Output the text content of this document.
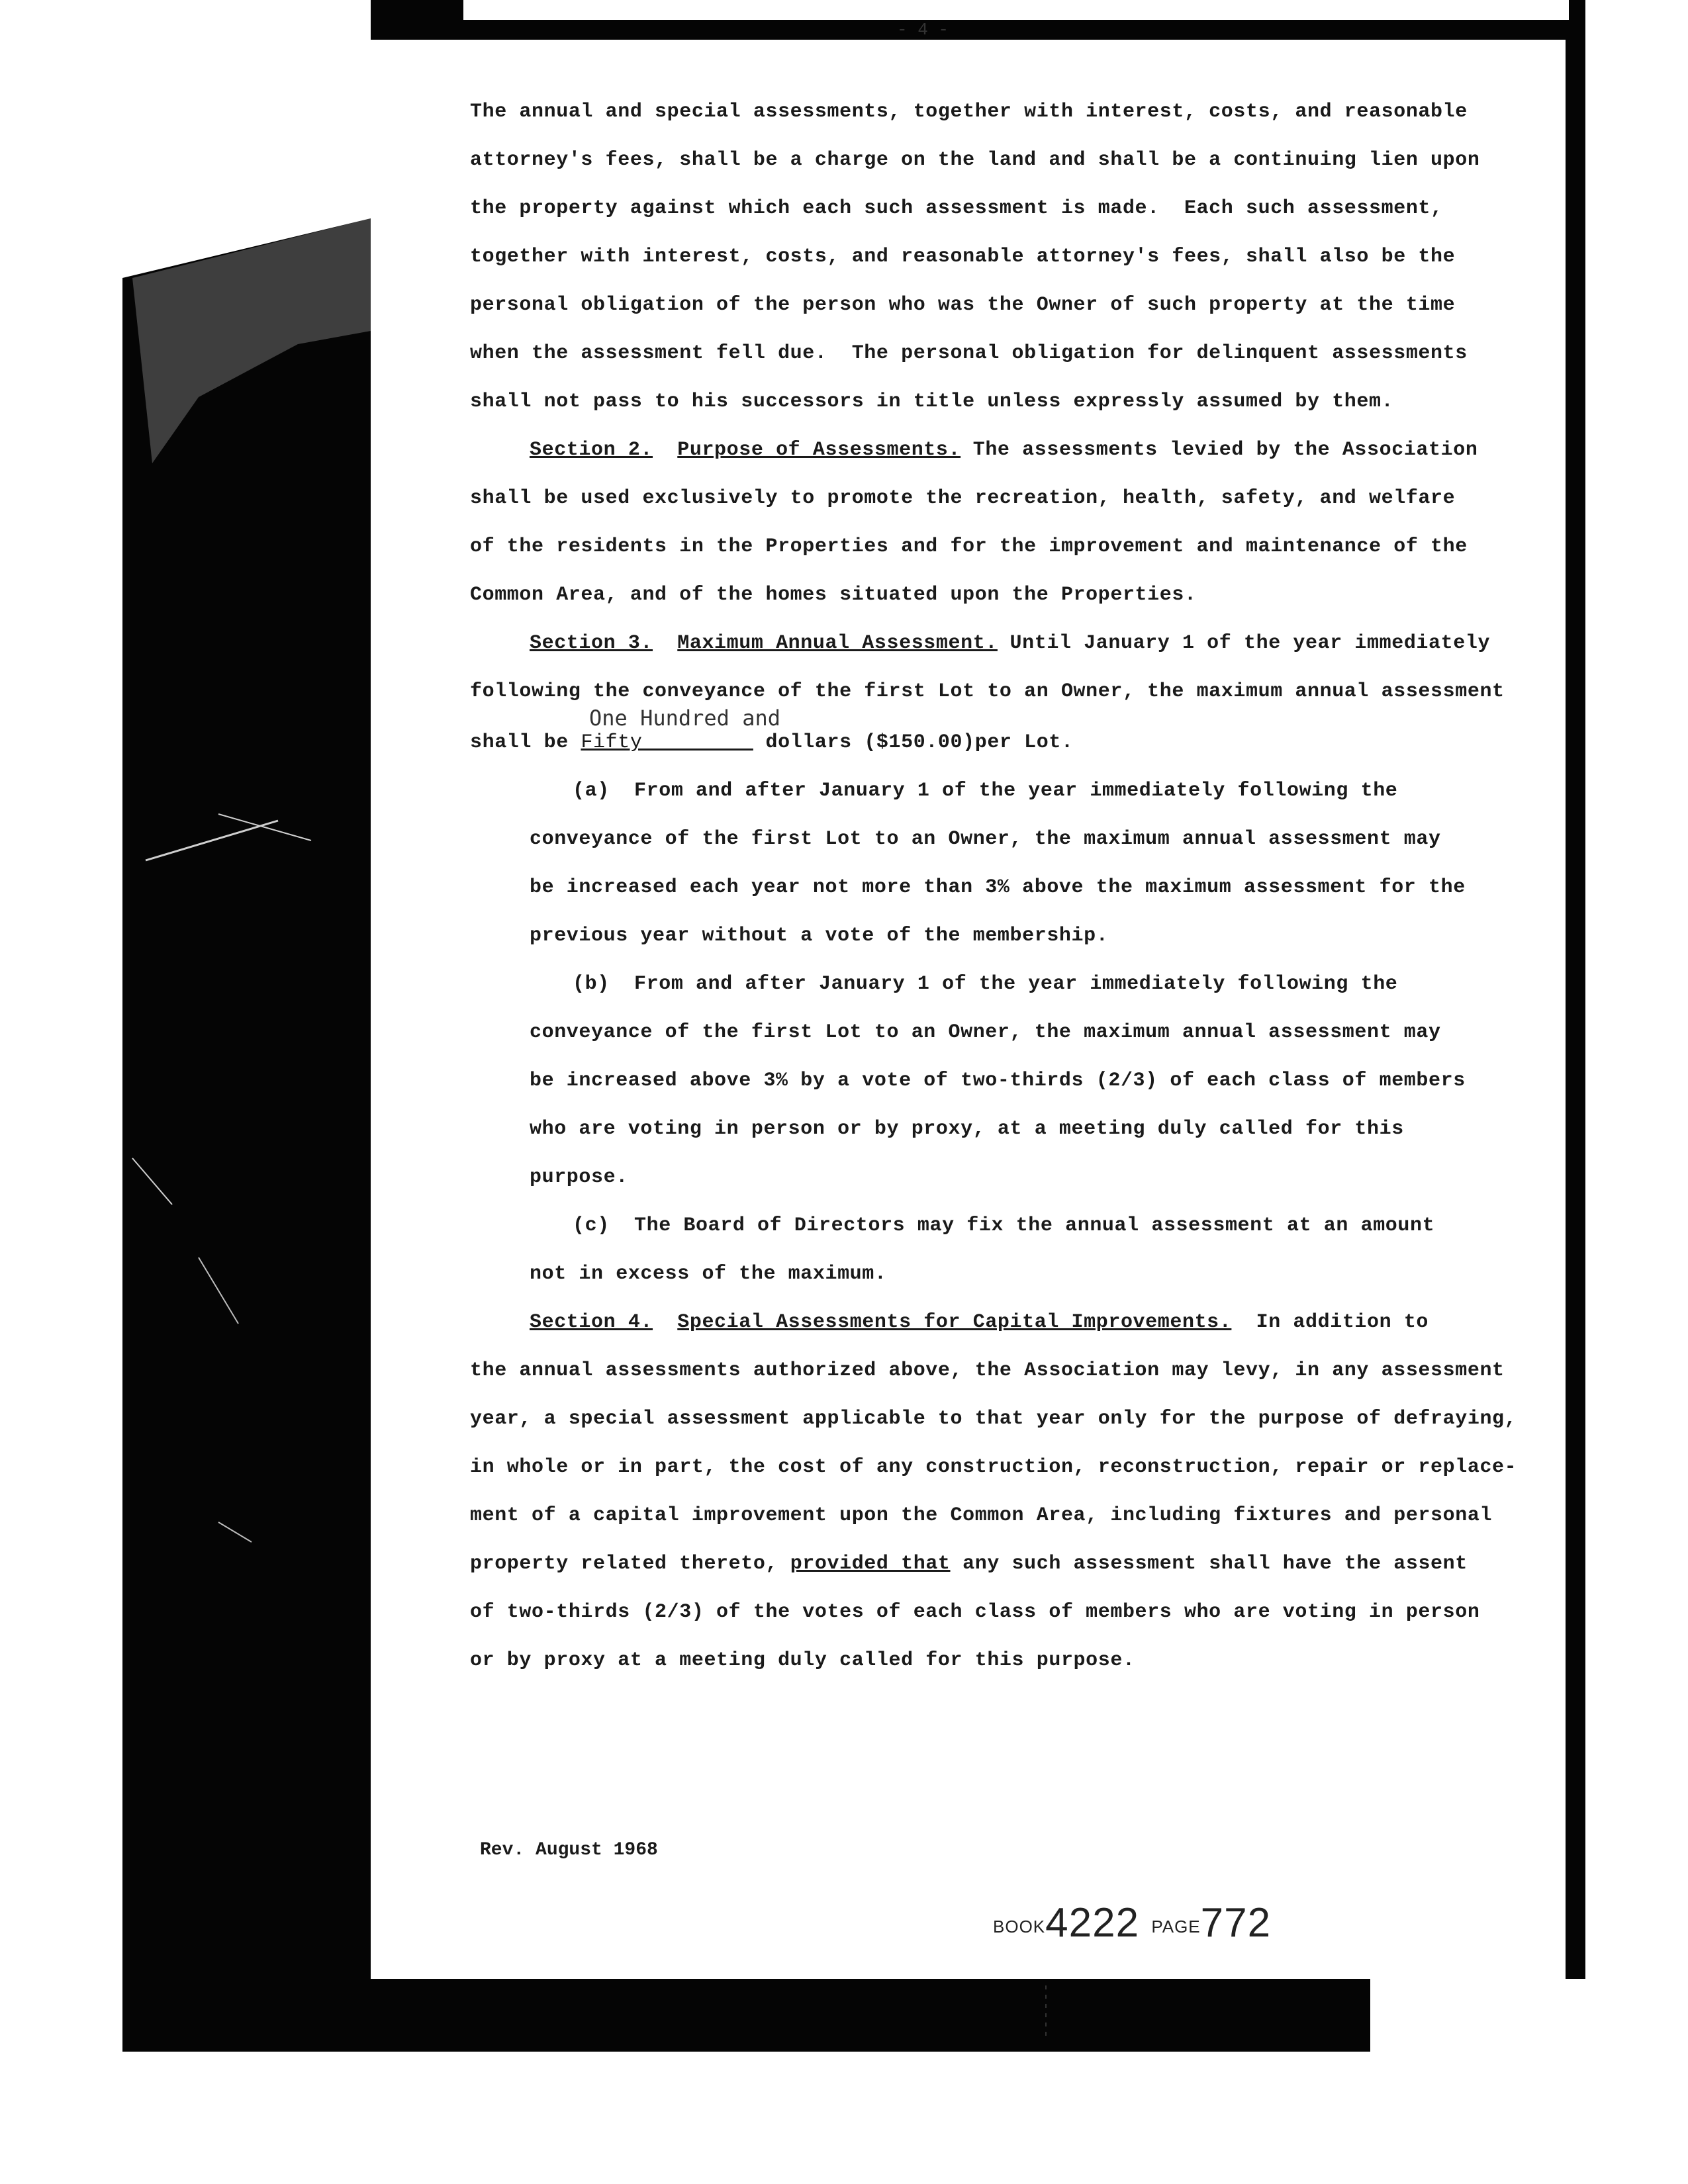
- 4 -
The annual and special assessments, together with interest, costs, and reasonable
attorney's fees, shall be a charge on the land and shall be a continuing lien upon
the property against which each such assessment is made.  Each such assessment,
together with interest, costs, and reasonable attorney's fees, shall also be the
personal obligation of the person who was the Owner of such property at the time
when the assessment fell due.  The personal obligation for delinquent assessments
shall not pass to his successors in title unless expressly assumed by them.
Section 2. Purpose of Assessments. The assessments levied by the Association
shall be used exclusively to promote the recreation, health, safety, and welfare
of the residents in the Properties and for the improvement and maintenance of the
Common Area, and of the homes situated upon the Properties.
Section 3. Maximum Annual Assessment. Until January 1 of the year immediately
following the conveyance of the first Lot to an Owner, the maximum annual assessment
One Hundred and
shall be Fifty          dollars ($150.00)per Lot.
(a)  From and after January 1 of the year immediately following the
conveyance of the first Lot to an Owner, the maximum annual assessment may
be increased each year not more than 3% above the maximum assessment for the
previous year without a vote of the membership.
(b)  From and after January 1 of the year immediately following the
conveyance of the first Lot to an Owner, the maximum annual assessment may
be increased above 3% by a vote of two-thirds (2/3) of each class of members
who are voting in person or by proxy, at a meeting duly called for this
purpose.
(c)  The Board of Directors may fix the annual assessment at an amount
not in excess of the maximum.
Section 4. Special Assessments for Capital Improvements.  In addition to
the annual assessments authorized above, the Association may levy, in any assessment
year, a special assessment applicable to that year only for the purpose of defraying,
in whole or in part, the cost of any construction, reconstruction, repair or replace-
ment of a capital improvement upon the Common Area, including fixtures and personal
property related thereto, provided that any such assessment shall have the assent
of two-thirds (2/3) of the votes of each class of members who are voting in person
or by proxy at a meeting duly called for this purpose.
Rev. August 1968
BOOK4222 PAGE772
